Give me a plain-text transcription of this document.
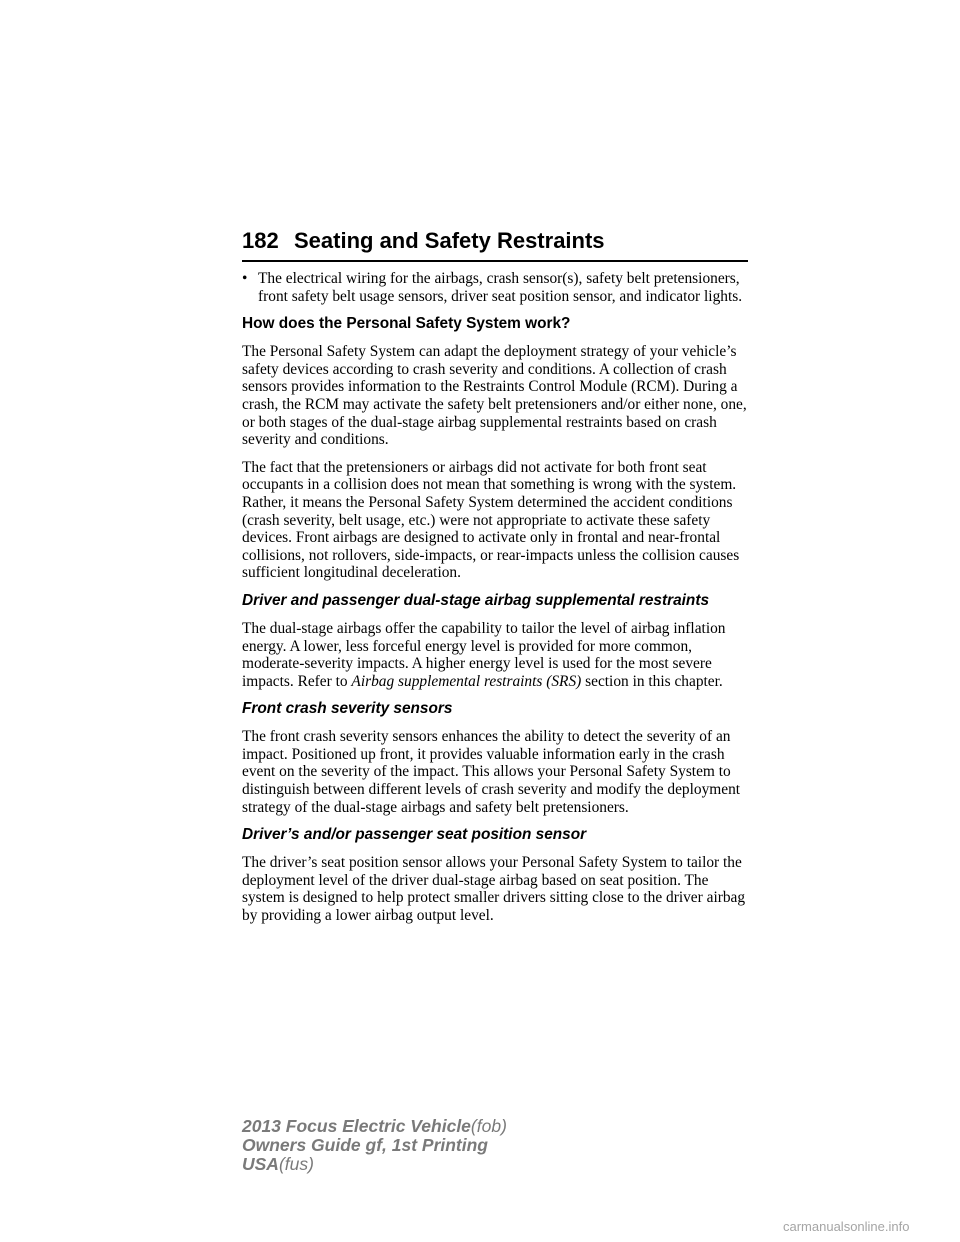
182 Seating and Safety Restraints
• The electrical wiring for the airbags, crash sensor(s), safety belt pretensioners, front safety belt usage sensors, driver seat position sensor, and indicator lights.
How does the Personal Safety System work?

The Personal Safety System can adapt the deployment strategy of your vehicle’s safety devices according to crash severity and conditions. A collection of crash sensors provides information to the Restraints Control Module (RCM). During a crash, the RCM may activate the safety belt pretensioners and/or either none, one, or both stages of the dual-stage airbag supplemental restraints based on crash severity and conditions.

The fact that the pretensioners or airbags did not activate for both front seat occupants in a collision does not mean that something is wrong with the system. Rather, it means the Personal Safety System determined the accident conditions (crash severity, belt usage, etc.) were not appropriate to activate these safety devices. Front airbags are designed to activate only in frontal and near-frontal collisions, not rollovers, side-impacts, or rear-impacts unless the collision causes sufficient longitudinal deceleration.

Driver and passenger dual-stage airbag supplemental restraints

The dual-stage airbags offer the capability to tailor the level of airbag inflation energy. A lower, less forceful energy level is provided for more common, moderate-severity impacts. A higher energy level is used for the most severe impacts. Refer to Airbag supplemental restraints (SRS) section in this chapter.

Front crash severity sensors

The front crash severity sensors enhances the ability to detect the severity of an impact. Positioned up front, it provides valuable information early in the crash event on the severity of the impact. This allows your Personal Safety System to distinguish between different levels of crash severity and modify the deployment strategy of the dual-stage airbags and safety belt pretensioners.

Driver’s and/or passenger seat position sensor

The driver’s seat position sensor allows your Personal Safety System to tailor the deployment level of the driver dual-stage airbag based on seat position. The system is designed to help protect smaller drivers sitting close to the driver airbag by providing a lower airbag output level.

2013 Focus Electric Vehicle(fob)
Owners Guide gf, 1st Printing
USA(fus)
carmanualsonline.info
